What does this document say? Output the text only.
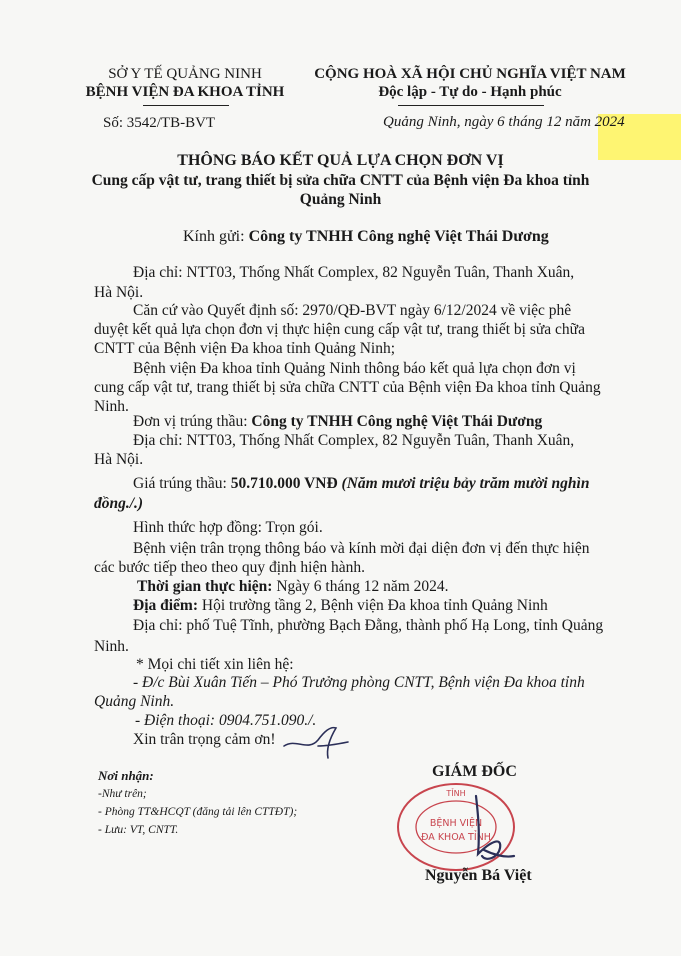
SỞ Y TẾ QUẢNG NINH
BỆNH VIỆN ĐA KHOA TỈNH
Số: 3542/TB-BVT
CỘNG HOÀ XÃ HỘI CHỦ NGHĨA VIỆT NAM
Độc lập - Tự do - Hạnh phúc
Quảng Ninh, ngày 6 tháng 12 năm 2024
THÔNG BÁO KẾT QUẢ LỰA CHỌN ĐƠN VỊ
Cung cấp vật tư, trang thiết bị sửa chữa CNTT của Bệnh viện Đa khoa tỉnh
Quảng Ninh
Kính gửi: Công ty TNHH Công nghệ Việt Thái Dương
Địa chỉ: NTT03, Thống Nhất Complex, 82 Nguyễn Tuân, Thanh Xuân,
Hà Nội.
Căn cứ vào Quyết định số: 2970/QĐ-BVT ngày 6/12/2024 về việc phê
duyệt kết quả lựa chọn đơn vị thực hiện cung cấp vật tư, trang thiết bị sửa chữa
CNTT của Bệnh viện Đa khoa tỉnh Quảng Ninh;
Bệnh viện Đa khoa tỉnh Quảng Ninh thông báo kết quả lựa chọn đơn vị
cung cấp vật tư, trang thiết bị sửa chữa CNTT của Bệnh viện Đa khoa tỉnh Quảng
Ninh.
Đơn vị trúng thầu: Công ty TNHH Công nghệ Việt Thái Dương
Địa chỉ: NTT03, Thống Nhất Complex, 82 Nguyễn Tuân, Thanh Xuân,
Hà Nội.
Giá trúng thầu: 50.710.000 VNĐ (Năm mươi triệu bảy trăm mười nghìn
đồng./.)
Hình thức hợp đồng: Trọn gói.
Bệnh viện trân trọng thông báo và kính mời đại diện đơn vị đến thực hiện
các bước tiếp theo theo quy định hiện hành.
Thời gian thực hiện: Ngày 6 tháng 12 năm 2024.
Địa điểm: Hội trường tầng 2, Bệnh viện Đa khoa tỉnh Quảng Ninh
Địa chỉ: phố Tuệ Tĩnh, phường Bạch Đằng, thành phố Hạ Long, tỉnh Quảng
Ninh.
* Mọi chi tiết xin liên hệ:
- Đ/c Bùi Xuân Tiến – Phó Trưởng phòng CNTT, Bệnh viện Đa khoa tỉnh
Quảng Ninh.
- Điện thoại: 0904.751.090./.
Xin trân trọng cảm ơn!
Nơi nhận:
-Như trên;
- Phòng TT&HCQT (đăng tải lên CTTĐT);
- Lưu: VT, CNTT.
GIÁM ĐỐC
TỈNH
BỆNH VIỆN
ĐA KHOA TỈNH
Nguyễn Bá Việt
